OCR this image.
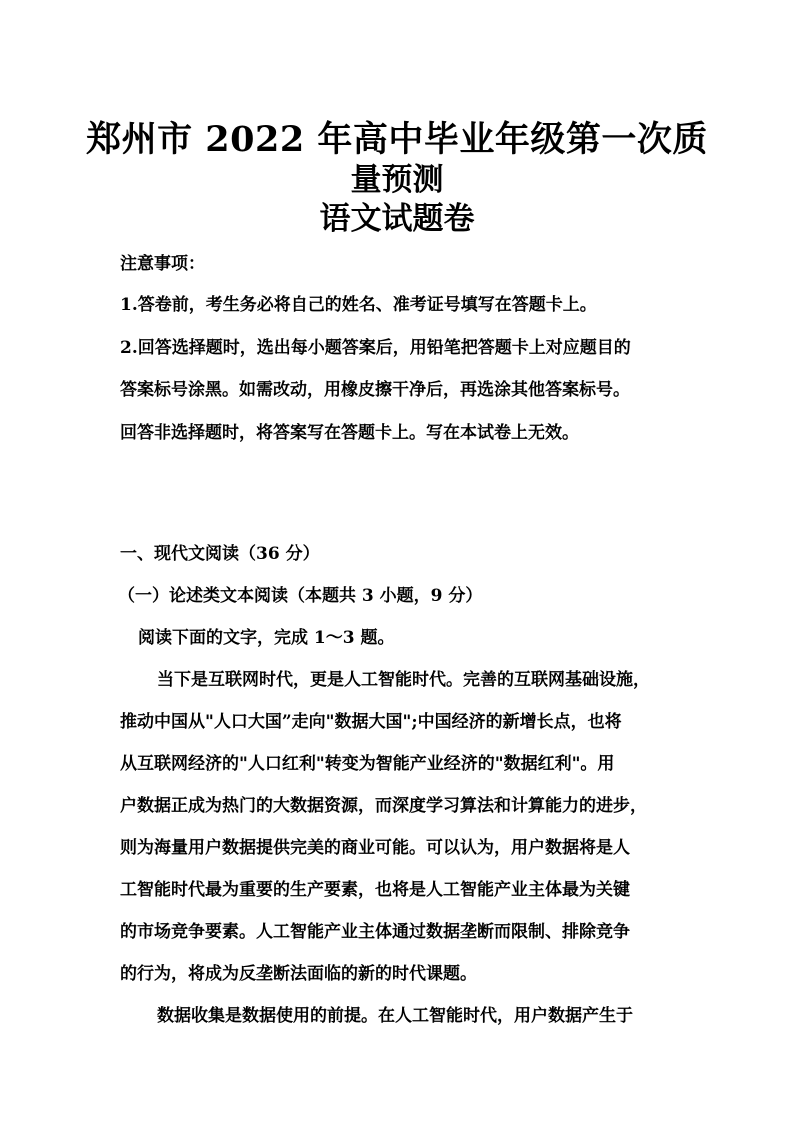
郑州市 2022 年高中毕业年级第一次质
量预测
语文试题卷

注意事项：

1.答卷前，考生务必将自己的姓名、准考证号填写在答题卡上。

2.回答选择题时，选出每小题答案后，用铅笔把答题卡上对应题目的

答案标号涂黑。如需改动，用橡皮擦干净后，再选涂其他答案标号。

回答非选择题时，将答案写在答题卡上。写在本试卷上无效。

一、现代文阅读（36 分）

（一）论述类文本阅读（本题共 3 小题，9 分）

阅读下面的文字，完成 1～3 题。

当下是互联网时代，更是人工智能时代。完善的互联网基础设施，

推动中国从"人口大国”走向"数据大国";中国经济的新增长点，也将

从互联网经济的"人口红利"转变为智能产业经济的"数据红利"。用

户数据正成为热门的大数据资源，而深度学习算法和计算能力的进步，

则为海量用户数据提供完美的商业可能。可以认为，用户数据将是人

工智能时代最为重要的生产要素，也将是人工智能产业主体最为关键

的市场竞争要素。人工智能产业主体通过数据垄断而限制、排除竞争

的行为，将成为反垄断法面临的新的时代课题。

数据收集是数据使用的前提。在人工智能时代，用户数据产生于
